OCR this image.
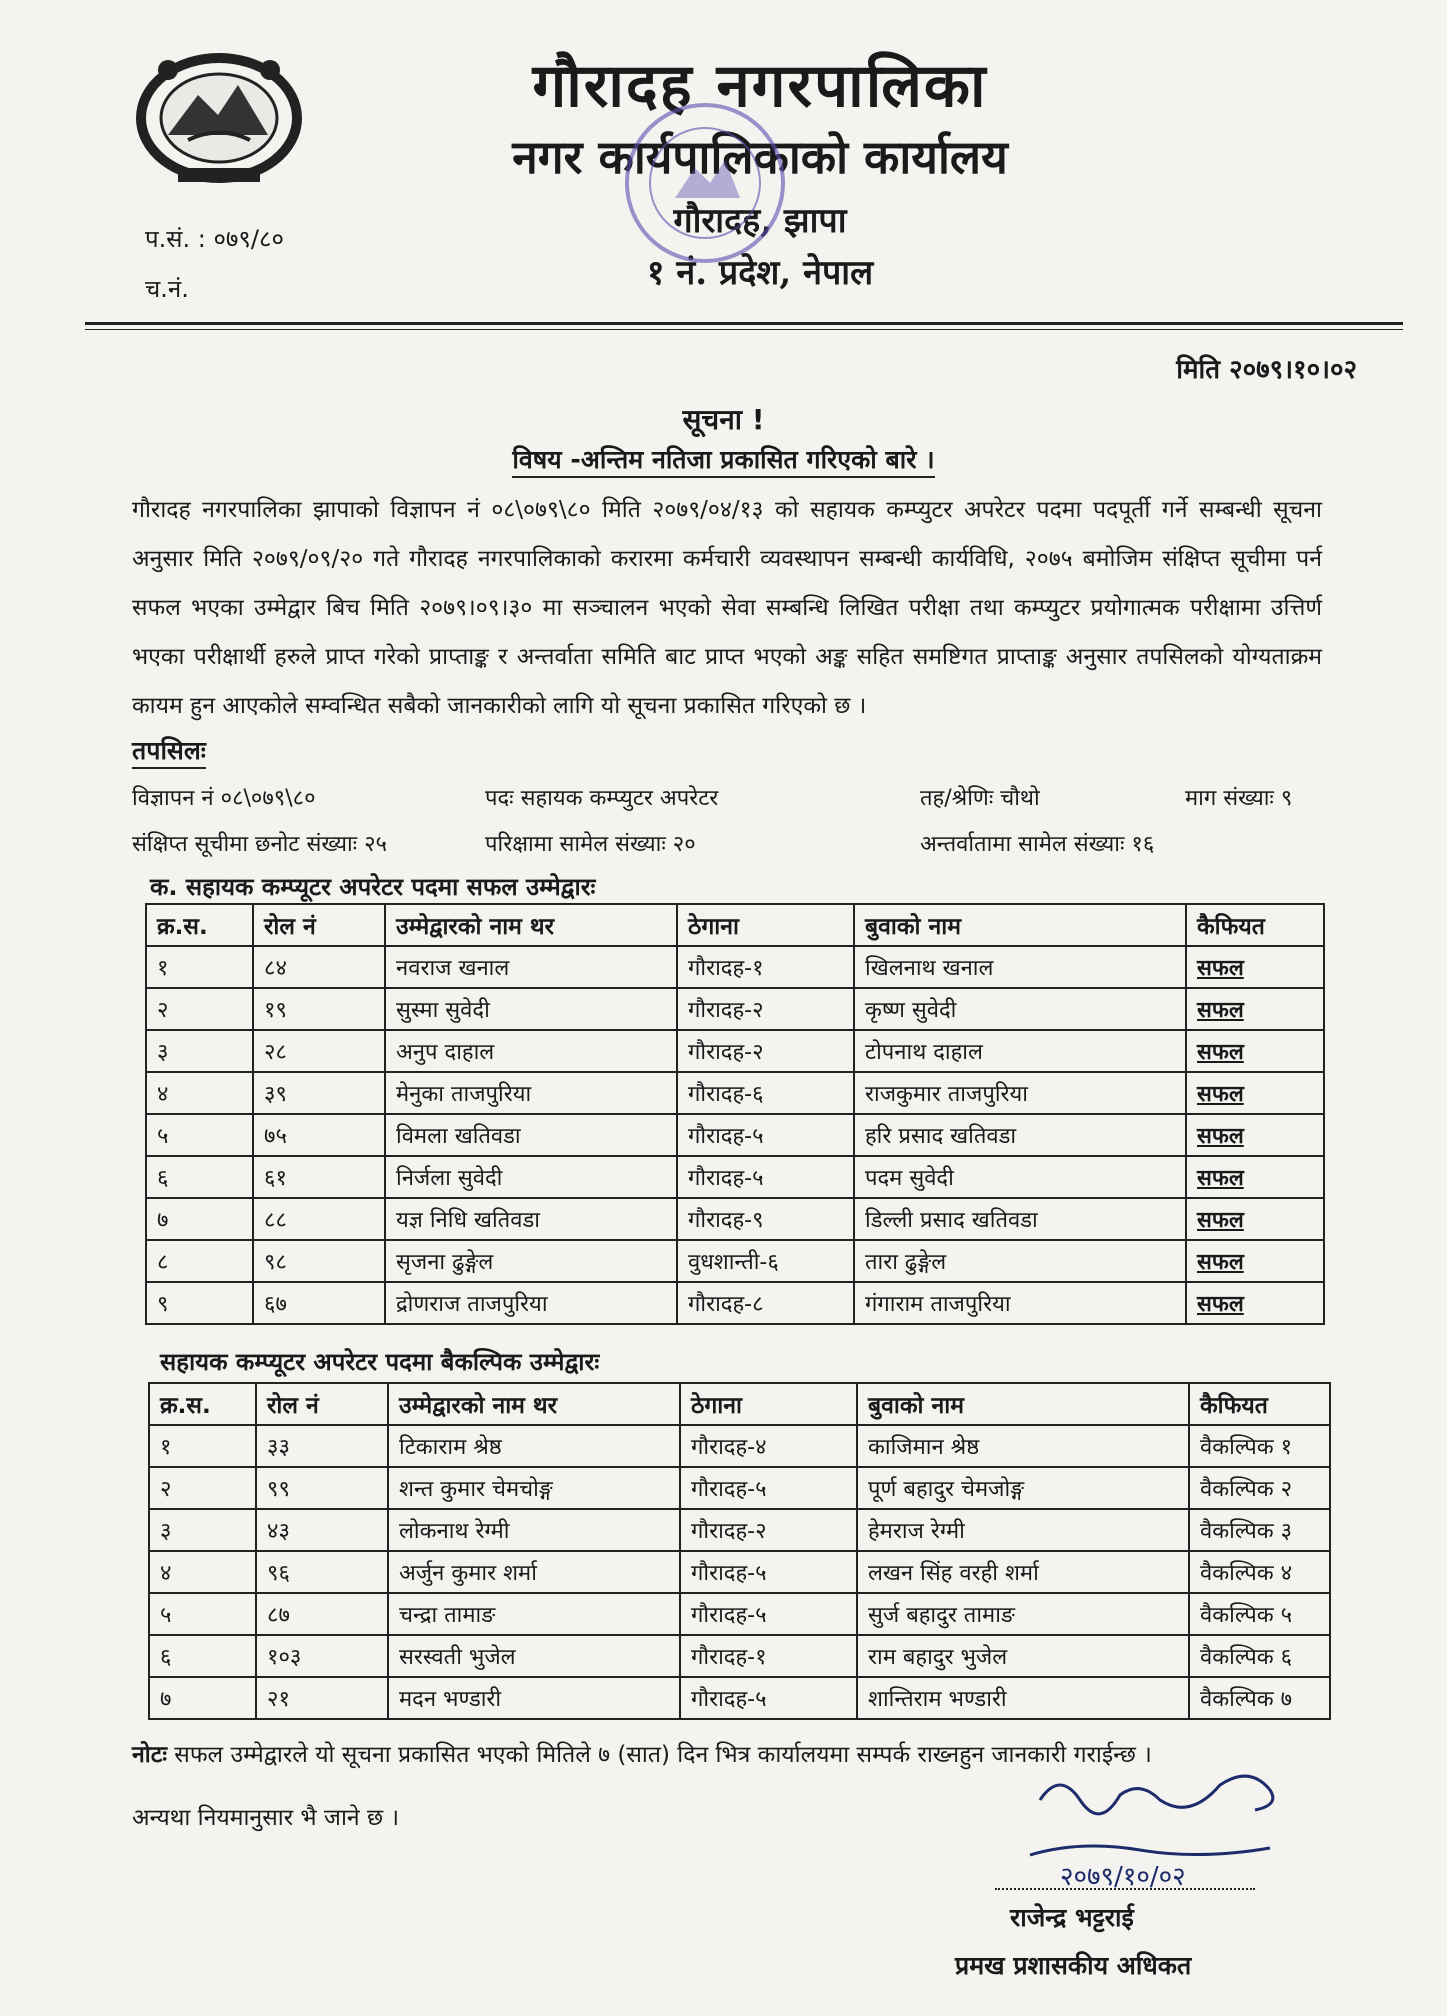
गौरादह नगरपालिका
नगर कार्यपालिकाको कार्यालय
गौरादह, झापा
१ नं. प्रदेश, नेपाल
प.सं. : ०७९/८०
च.नं.
मिति २०७९।१०।०२
सूचना !
विषय -अन्तिम नतिजा प्रकासित गरिएको बारे ।
गौरादह नगरपालिका झापाको विज्ञापन नं ०८\०७९\८० मिति २०७९/०४/१३ को सहायक कम्प्युटर अपरेटर पदमा पदपूर्ती गर्ने सम्बन्धी सूचना अनुसार मिति २०७९/०९/२० गते गौरादह नगरपालिकाको करारमा कर्मचारी व्यवस्थापन सम्बन्धी कार्यविधि, २०७५ बमोजिम संक्षिप्त सूचीमा पर्न सफल भएका उम्मेद्वार बिच मिति २०७९।०९।३० मा सञ्चालन भएको सेवा सम्बन्धि लिखित परीक्षा तथा कम्प्युटर प्रयोगात्मक परीक्षामा उत्तिर्ण भएका परीक्षार्थी हरुले प्राप्त गरेको प्राप्ताङ्क र अन्तर्वाता समिति बाट प्राप्त भएको अङ्क सहित समष्टिगत प्राप्ताङ्क अनुसार तपसिलको योग्यताक्रम कायम हुन आएकोले सम्वन्धित सबैको जानकारीको लागि यो सूचना प्रकासित गरिएको छ ।
तपसिलः
विज्ञापन नं ०८\०७९\८०	पदः सहायक कम्प्युटर अपरेटर	तह/श्रेणिः चौथो	माग संख्याः ९
संक्षिप्त सूचीमा छनोट संख्याः २५	परिक्षामा सामेल संख्याः २०	अन्तर्वातामा सामेल संख्याः १६
क. सहायक कम्प्यूटर अपरेटर पदमा सफल उम्मेद्वारः
क्र.स.	रोल नं	उम्मेद्वारको नाम थर	ठेगाना	बुवाको नाम	कैफियत
१	८४	नवराज खनाल	गौरादह-१	खिलनाथ खनाल	सफल
२	१९	सुस्मा सुवेदी	गौरादह-२	कृष्ण सुवेदी	सफल
३	२८	अनुप दाहाल	गौरादह-२	टोपनाथ दाहाल	सफल
४	३९	मेनुका ताजपुरिया	गौरादह-६	राजकुमार ताजपुरिया	सफल
५	७५	विमला खतिवडा	गौरादह-५	हरि प्रसाद खतिवडा	सफल
६	६१	निर्जला सुवेदी	गौरादह-५	पदम सुवेदी	सफल
७	८८	यज्ञ निधि खतिवडा	गौरादह-९	डिल्ली प्रसाद खतिवडा	सफल
८	९८	सृजना ढुङ्गेल	वुधशान्ती-६	तारा ढुङ्गेल	सफल
९	६७	द्रोणराज ताजपुरिया	गौरादह-८	गंगाराम ताजपुरिया	सफल
सहायक कम्प्यूटर अपरेटर पदमा बैकल्पिक उम्मेद्वारः
क्र.स.	रोल नं	उम्मेद्वारको नाम थर	ठेगाना	बुवाको नाम	कैफियत
१	३३	टिकाराम श्रेष्ठ	गौरादह-४	काजिमान श्रेष्ठ	वैकल्पिक १
२	९९	शन्त कुमार चेमचोङ्ग	गौरादह-५	पूर्ण बहादुर चेमजोङ्ग	वैकल्पिक २
३	४३	लोकनाथ रेग्मी	गौरादह-२	हेमराज रेग्मी	वैकल्पिक ३
४	९६	अर्जुन कुमार शर्मा	गौरादह-५	लखन सिंह वरही शर्मा	वैकल्पिक ४
५	८७	चन्द्रा तामाङ	गौरादह-५	सुर्ज बहादुर तामाङ	वैकल्पिक ५
६	१०३	सरस्वती भुजेल	गौरादह-१	राम बहादुर भुजेल	वैकल्पिक ६
७	२१	मदन भण्डारी	गौरादह-५	शान्तिराम भण्डारी	वैकल्पिक ७
नोटः सफल उम्मेद्वारले यो सूचना प्रकासित भएको मितिले ७ (सात) दिन भित्र कार्यालयमा सम्पर्क राख्नहुन जानकारी गराईन्छ ।
अन्यथा नियमानुसार भै जाने छ ।
२०७९/१०/०२
राजेन्द्र भट्टराई
प्रमख प्रशासकीय अधिकत
